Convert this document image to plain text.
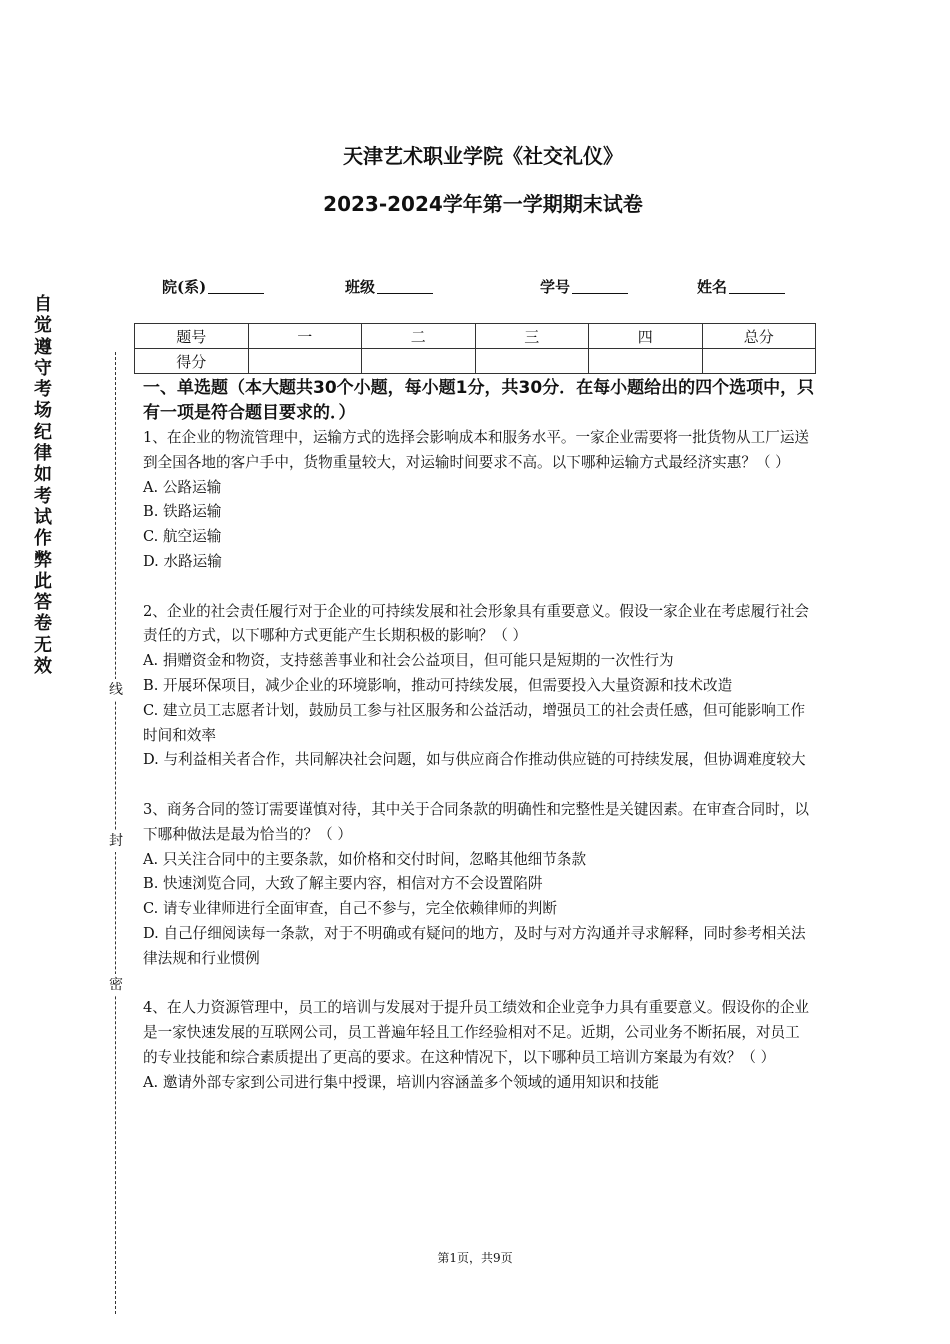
自觉遵守考场纪律如考试作弊此答卷无效
线
封
密
天津艺术职业学院《社交礼仪》
2023-2024学年第一学期期末试卷
院(系)	班级	学号	姓名
题号	一	二	三	四	总分
得分					
一、单选题（本大题共30个小题，每小题1分，共30分．在每小题给出的四个选项中，只有一项是符合题目要求的．）

1、在企业的物流管理中，运输方式的选择会影响成本和服务水平。一家企业需要将一批货物从工厂运送到全国各地的客户手中，货物重量较大，对运输时间要求不高。以下哪种运输方式最经济实惠？（ ）

A. 公路运输

B. 铁路运输

C. 航空运输

D. 水路运输

2、企业的社会责任履行对于企业的可持续发展和社会形象具有重要意义。假设一家企业在考虑履行社会责任的方式，以下哪种方式更能产生长期积极的影响？（ ）

A. 捐赠资金和物资，支持慈善事业和社会公益项目，但可能只是短期的一次性行为

B. 开展环保项目，减少企业的环境影响，推动可持续发展，但需要投入大量资源和技术改造

C. 建立员工志愿者计划，鼓励员工参与社区服务和公益活动，增强员工的社会责任感，但可能影响工作时间和效率

D. 与利益相关者合作，共同解决社会问题，如与供应商合作推动供应链的可持续发展，但协调难度较大

3、商务合同的签订需要谨慎对待，其中关于合同条款的明确性和完整性是关键因素。在审查合同时，以下哪种做法是最为恰当的？（ ）

A. 只关注合同中的主要条款，如价格和交付时间，忽略其他细节条款

B. 快速浏览合同，大致了解主要内容，相信对方不会设置陷阱

C. 请专业律师进行全面审查，自己不参与，完全依赖律师的判断

D. 自己仔细阅读每一条款，对于不明确或有疑问的地方，及时与对方沟通并寻求解释，同时参考相关法律法规和行业惯例

4、在人力资源管理中，员工的培训与发展对于提升员工绩效和企业竞争力具有重要意义。假设你的企业是一家快速发展的互联网公司，员工普遍年轻且工作经验相对不足。近期，公司业务不断拓展，对员工的专业技能和综合素质提出了更高的要求。在这种情况下，以下哪种员工培训方案最为有效？（ ）

A. 邀请外部专家到公司进行集中授课，培训内容涵盖多个领域的通用知识和技能

第1页，共9页
